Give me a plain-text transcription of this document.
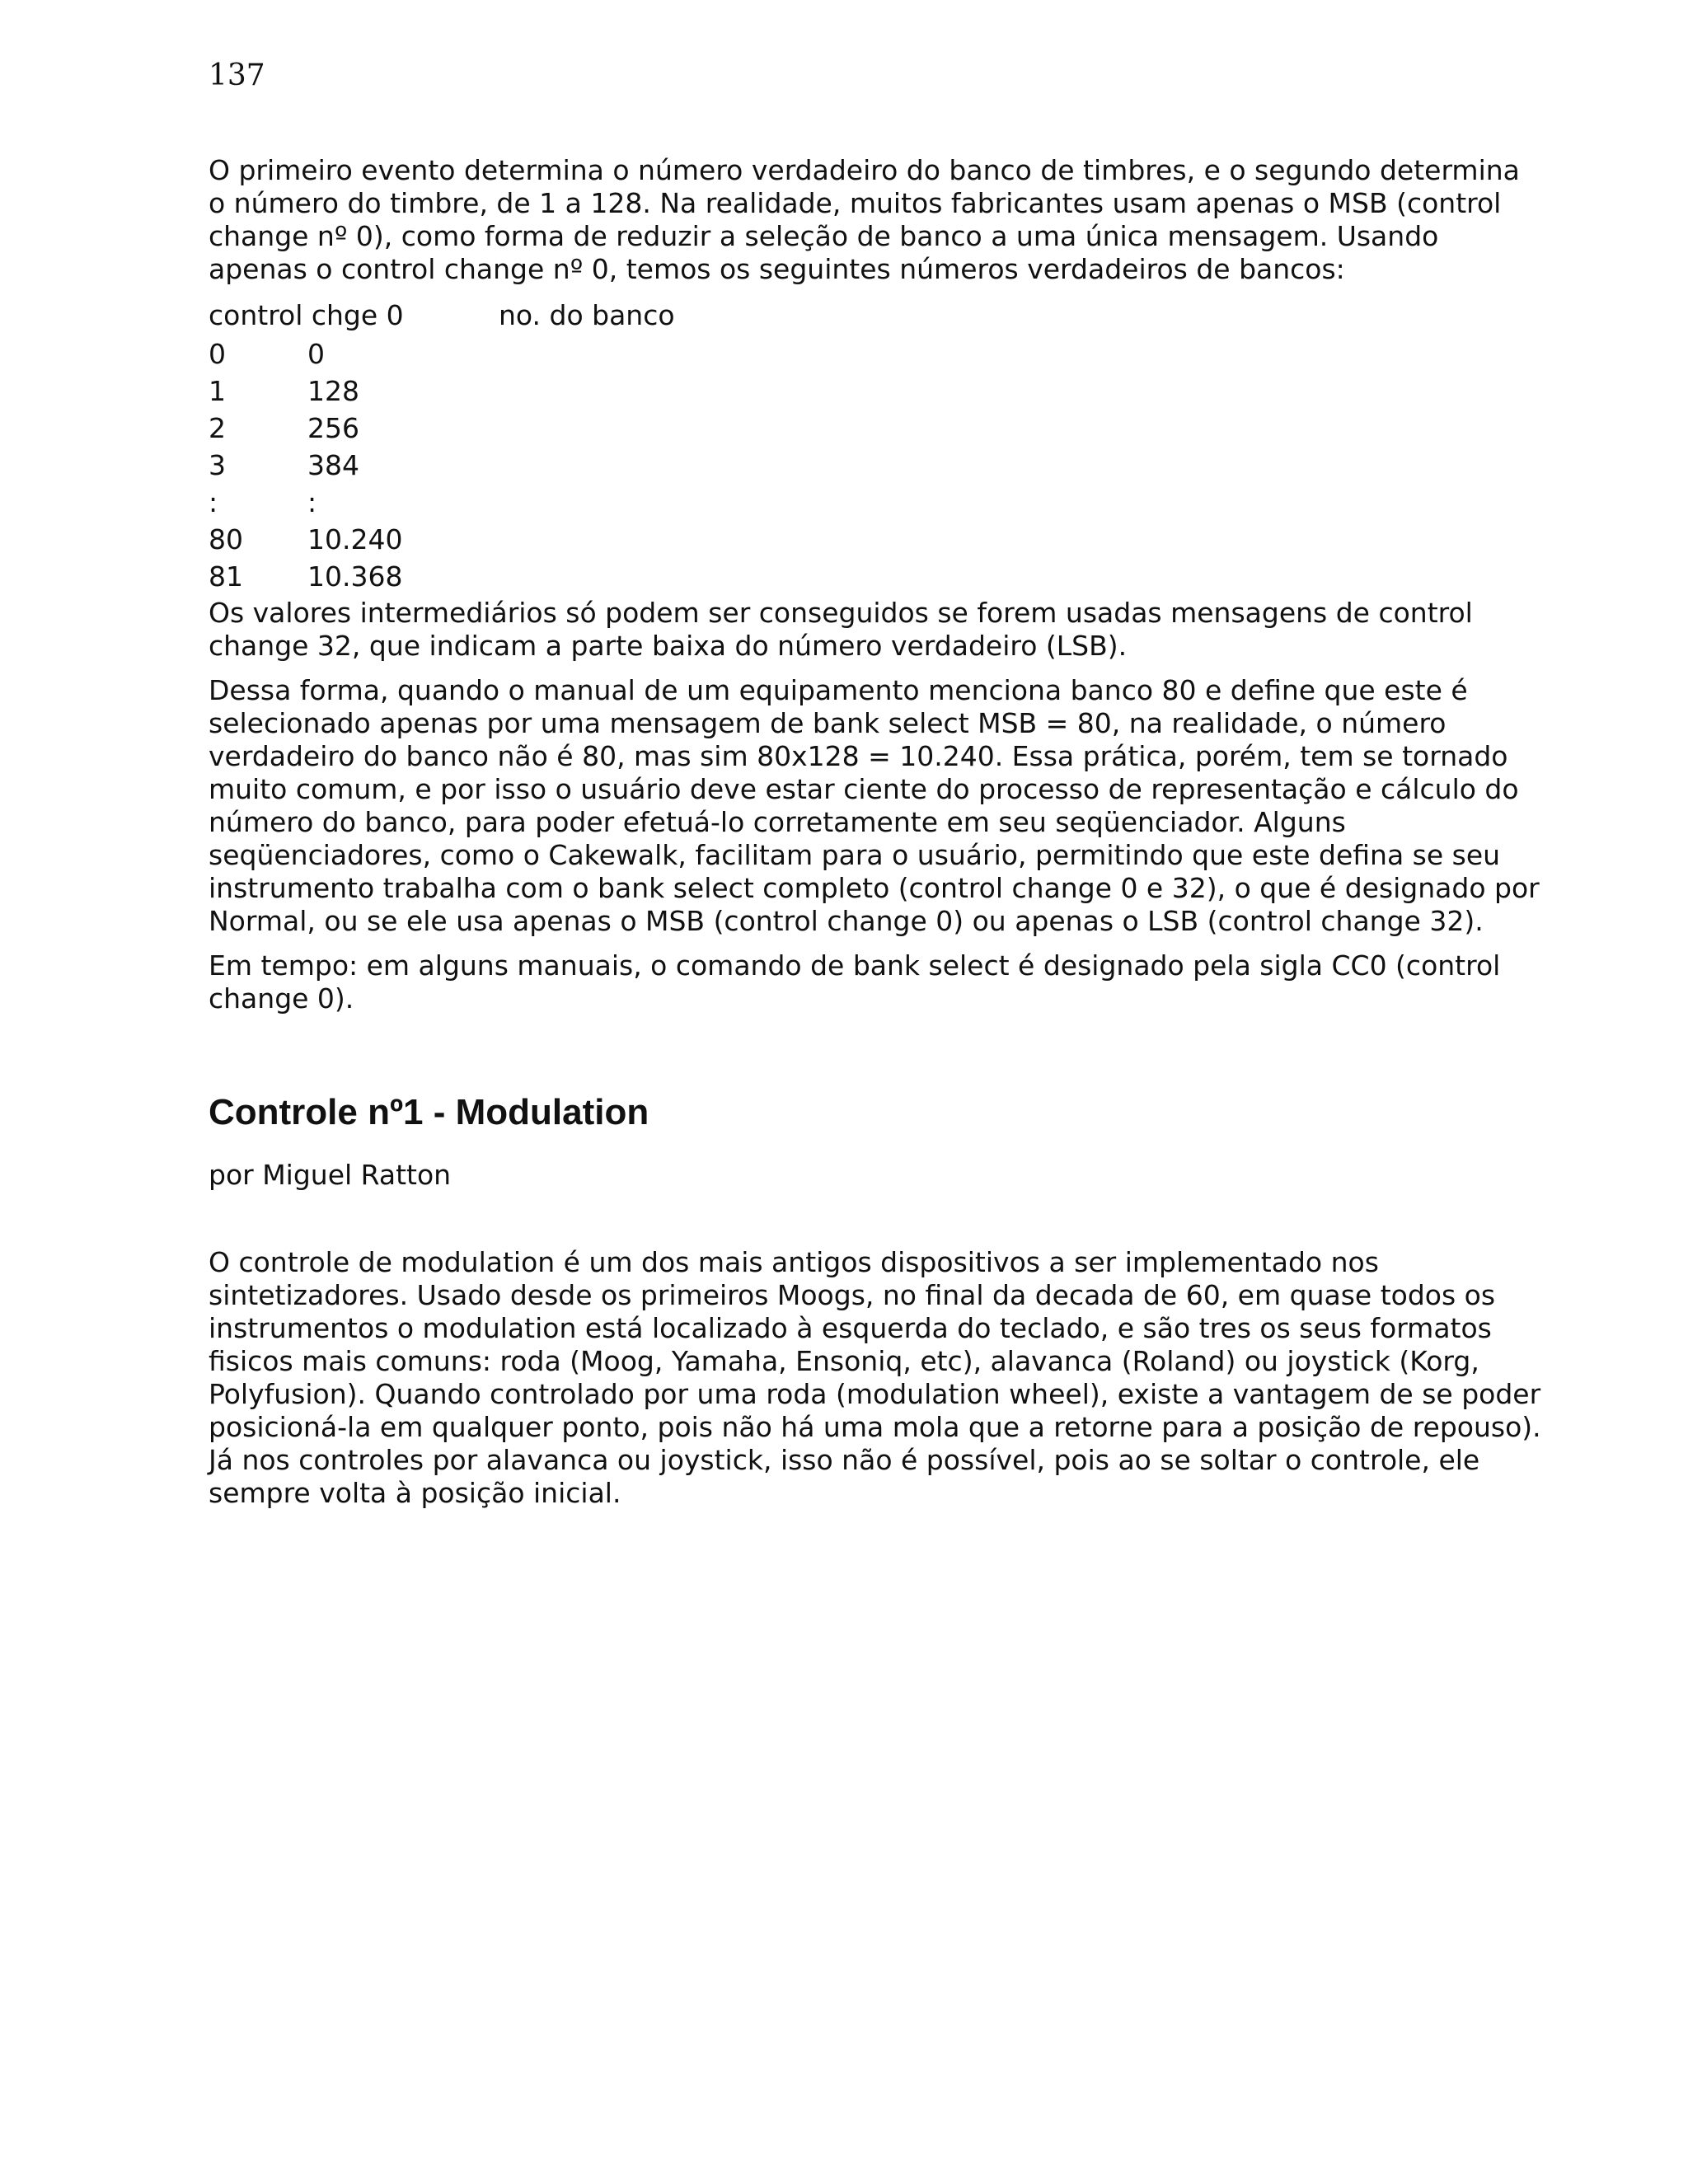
137

O primeiro evento determina o número verdadeiro do banco de timbres, e o segundo determina o número do timbre, de 1 a 128. Na realidade, muitos fabricantes usam apenas o MSB (control change nº 0), como forma de reduzir a seleção de banco a uma única mensagem. Usando apenas o control change nº 0, temos os seguintes números verdadeiros de bancos:

control chge 0	no. do banco
0	0
1	128
2	256
3	384
:	:
80	10.240
81	10.368

Os valores intermediários só podem ser conseguidos se forem usadas mensagens de control change 32, que indicam a parte baixa do número verdadeiro (LSB).

Dessa forma, quando o manual de um equipamento menciona banco 80 e define que este é selecionado apenas por uma mensagem de bank select MSB = 80, na realidade, o número verdadeiro do banco não é 80, mas sim 80x128 = 10.240. Essa prática, porém, tem se tornado muito comum, e por isso o usuário deve estar ciente do processo de representação e cálculo do número do banco, para poder efetuá-lo corretamente em seu seqüenciador. Alguns seqüenciadores, como o Cakewalk, facilitam para o usuário, permitindo que este defina se seu instrumento trabalha com o bank select completo (control change 0 e 32), o que é designado por Normal, ou se ele usa apenas o MSB (control change 0) ou apenas o LSB (control change 32).

Em tempo: em alguns manuais, o comando de bank select é designado pela sigla CC0 (control change 0).

Controle nº1 - Modulation

por Miguel Ratton

O controle de modulation é um dos mais antigos dispositivos a ser implementado nos sintetizadores. Usado desde os primeiros Moogs, no final da decada de 60, em quase todos os instrumentos o modulation está localizado à esquerda do teclado, e são tres os seus formatos fisicos mais comuns: roda (Moog, Yamaha, Ensoniq, etc), alavanca (Roland) ou joystick (Korg, Polyfusion). Quando controlado por uma roda (modulation wheel), existe a vantagem de se poder posicioná-la em qualquer ponto, pois não há uma mola que a retorne para a posição de repouso). Já nos controles por alavanca ou joystick, isso não é possível, pois ao se soltar o controle, ele sempre volta à posição inicial.
